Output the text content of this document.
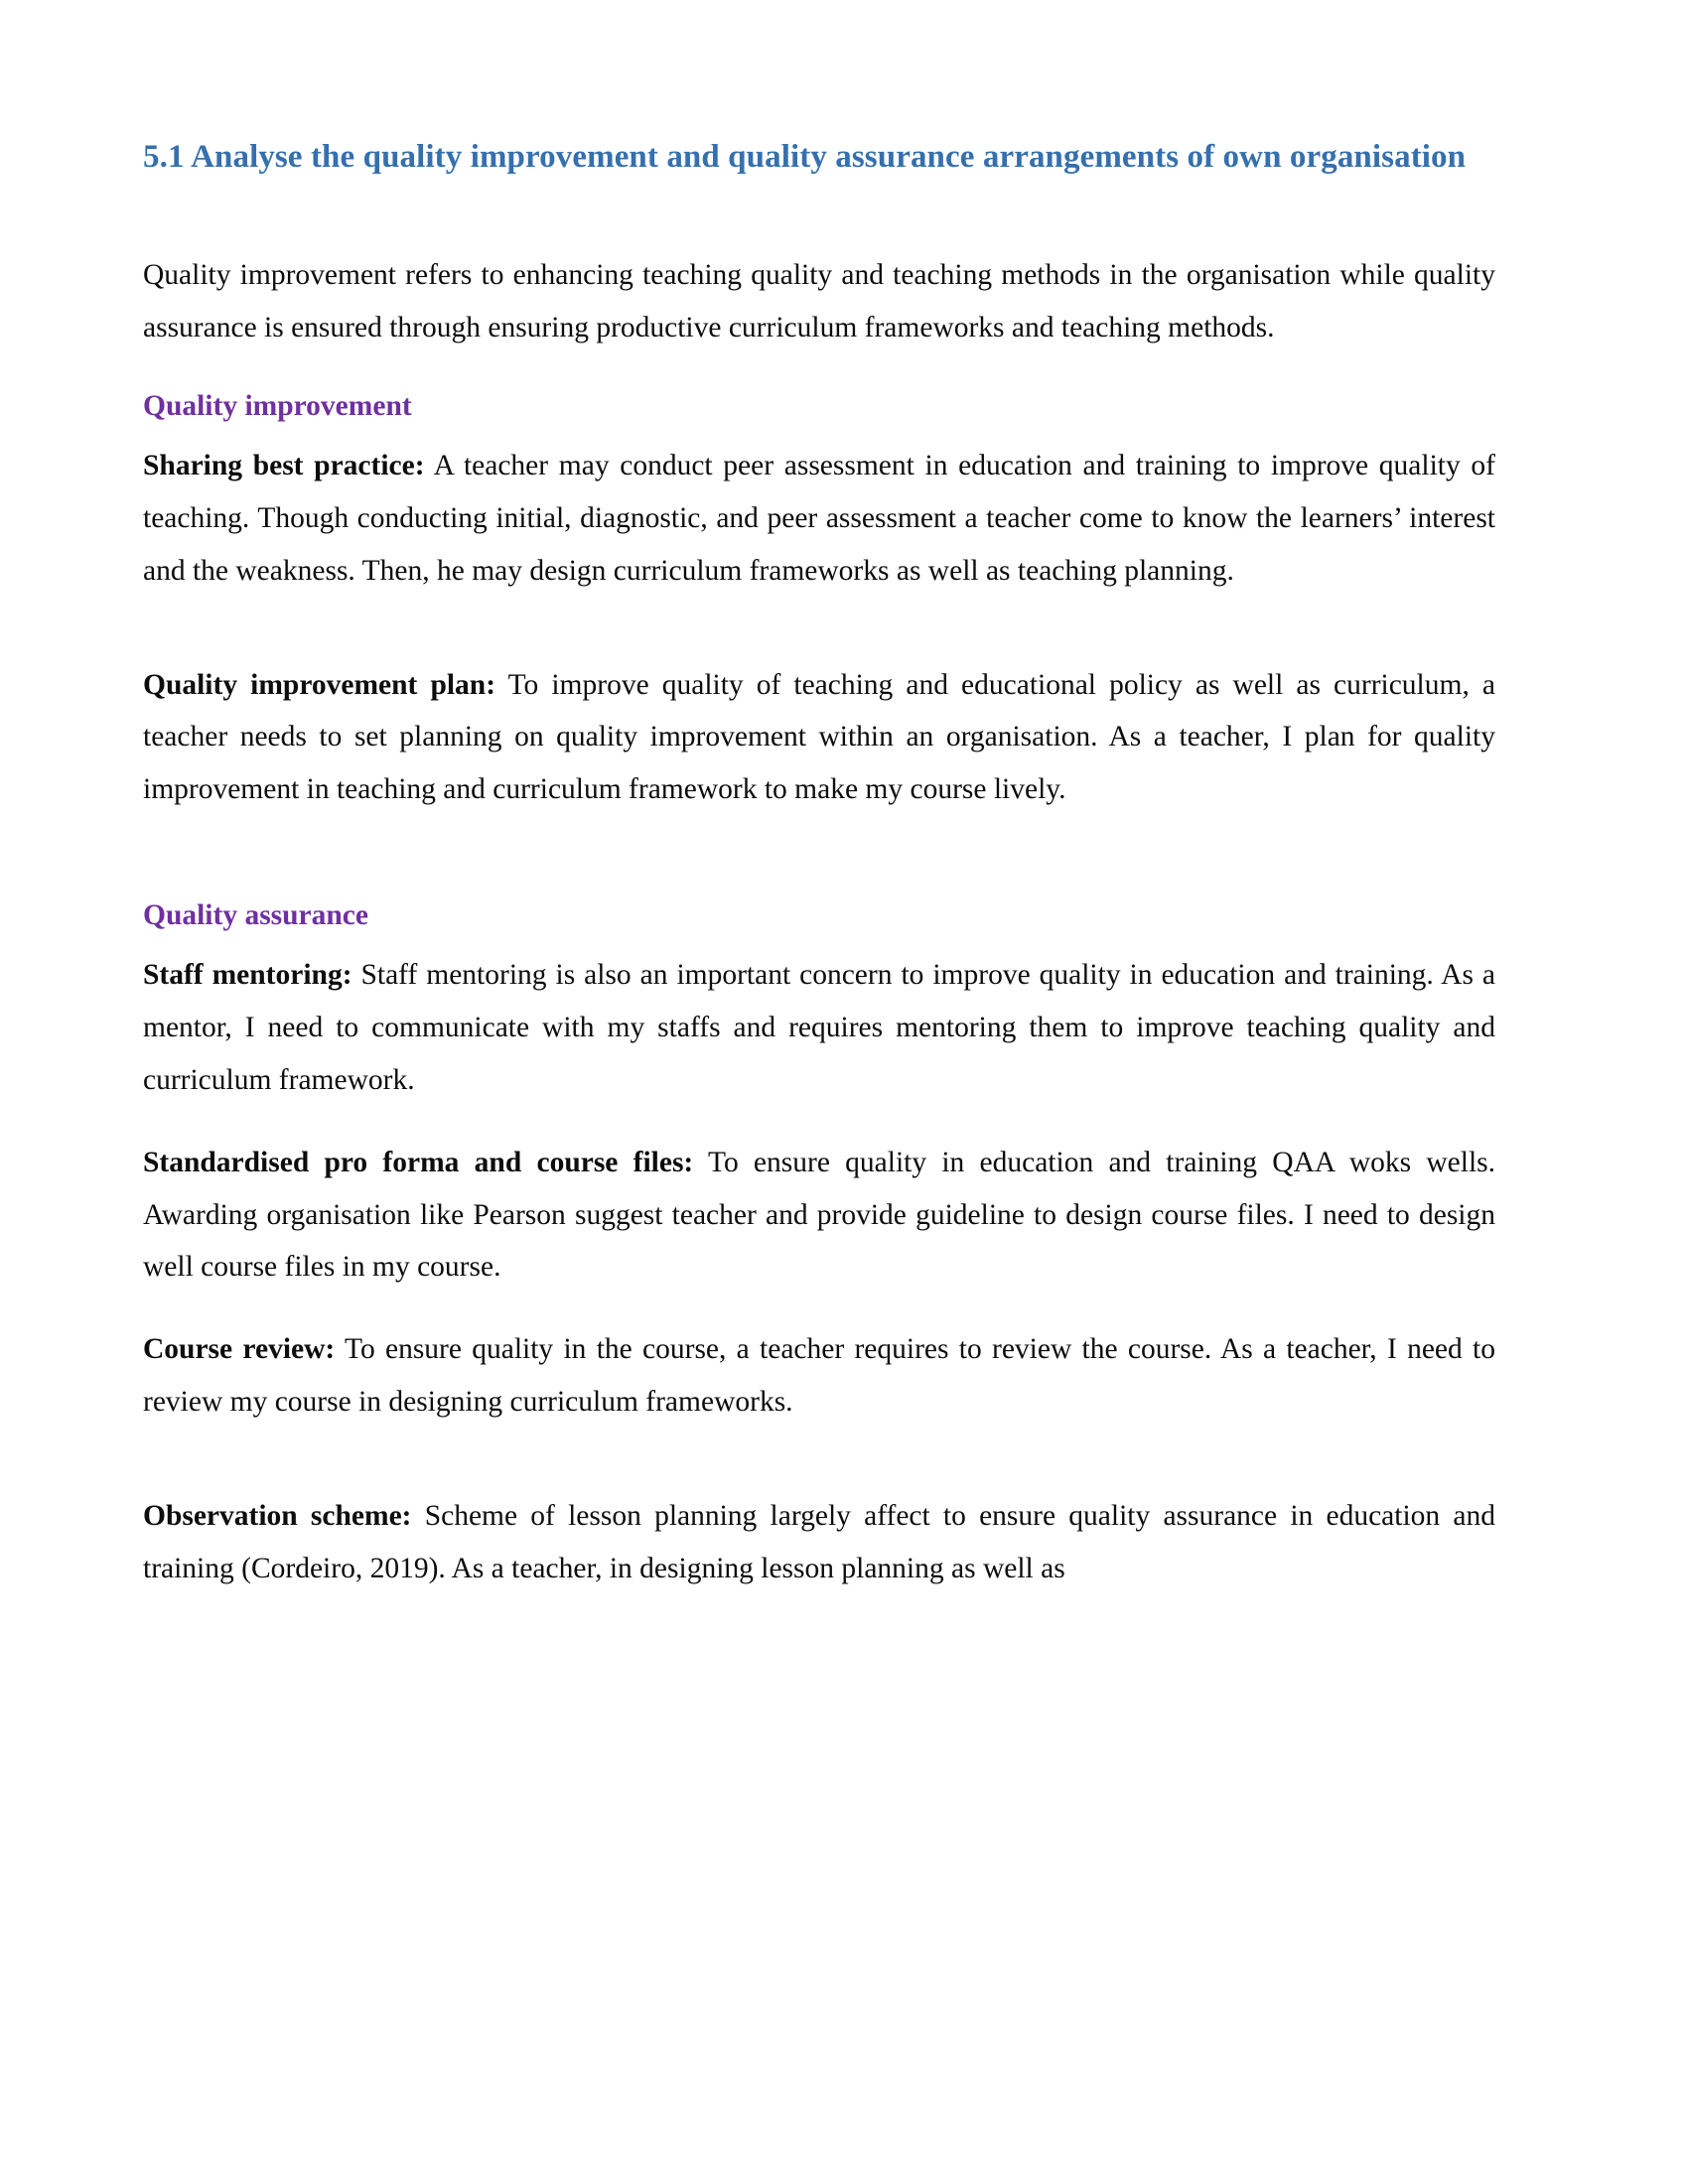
5.1 Analyse the quality improvement and quality assurance arrangements of own organisation

Quality improvement refers to enhancing teaching quality and teaching methods in the organisation while quality assurance is ensured through ensuring productive curriculum frameworks and teaching methods.

Quality improvement

Sharing best practice: A teacher may conduct peer assessment in education and training to improve quality of teaching. Though conducting initial, diagnostic, and peer assessment a teacher come to know the learners’ interest and the weakness. Then, he may design curriculum frameworks as well as teaching planning.

Quality improvement plan: To improve quality of teaching and educational policy as well as curriculum, a teacher needs to set planning on quality improvement within an organisation. As a teacher, I plan for quality improvement in teaching and curriculum framework to make my course lively.

Quality assurance

Staff mentoring: Staff mentoring is also an important concern to improve quality in education and training. As a mentor, I need to communicate with my staffs and requires mentoring them to improve teaching quality and curriculum framework.

Standardised pro forma and course files: To ensure quality in education and training QAA woks wells. Awarding organisation like Pearson suggest teacher and provide guideline to design course files. I need to design well course files in my course.

Course review: To ensure quality in the course, a teacher requires to review the course. As a teacher, I need to review my course in designing curriculum frameworks.

Observation scheme: Scheme of lesson planning largely affect to ensure quality assurance in education and training (Cordeiro, 2019). As a teacher, in designing lesson planning as well as
